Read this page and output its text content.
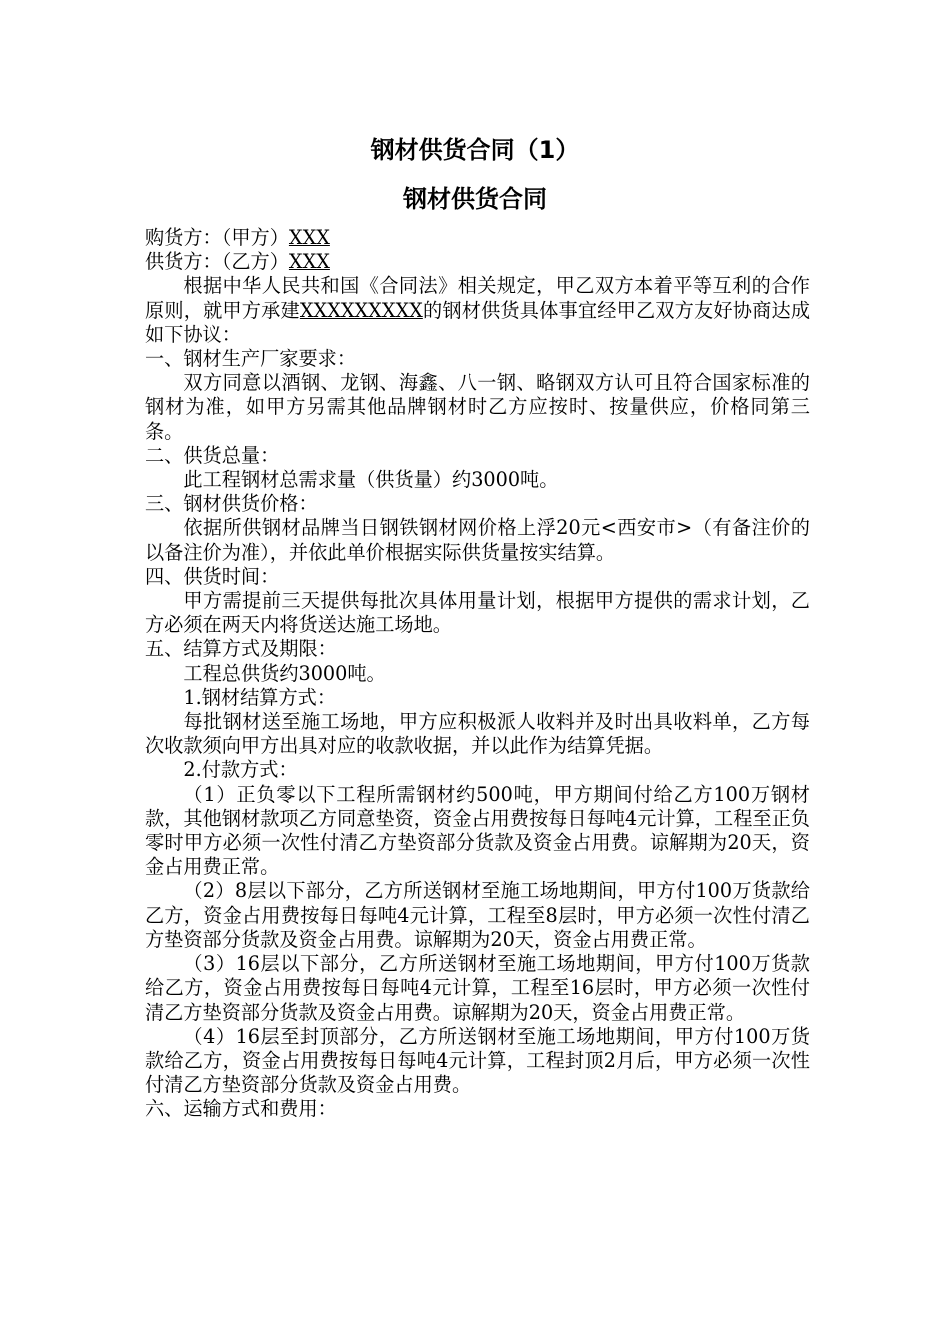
钢材供货合同（1）
钢材供货合同

购货方：（甲方）XXX

供货方：（乙方）XXX

根据中华人民共和国《合同法》相关规定，甲乙双方本着平等互利的合作原则，就甲方承建XXXXXXXXX的钢材供货具体事宜经甲乙双方友好协商达成如下协议：

一、钢材生产厂家要求：

双方同意以酒钢、龙钢、海鑫、八一钢、略钢双方认可且符合国家标准的钢材为准，如甲方另需其他品牌钢材时乙方应按时、按量供应，价格同第三条。

二、供货总量：

此工程钢材总需求量（供货量）约3000吨。

三、钢材供货价格：

依据所供钢材品牌当日钢铁钢材网价格上浮20元<西安市>（有备注价的以备注价为准），并依此单价根据实际供货量按实结算。

四、供货时间：

甲方需提前三天提供每批次具体用量计划，根据甲方提供的需求计划，乙方必须在两天内将货送达施工场地。

五、结算方式及期限：

工程总供货约3000吨。

1.钢材结算方式：

每批钢材送至施工场地，甲方应积极派人收料并及时出具收料单，乙方每次收款须向甲方出具对应的收款收据，并以此作为结算凭据。

2.付款方式：

（1）正负零以下工程所需钢材约500吨，甲方期间付给乙方100万钢材款，其他钢材款项乙方同意垫资，资金占用费按每日每吨4元计算，工程至正负零时甲方必须一次性付清乙方垫资部分货款及资金占用费。谅解期为20天，资金占用费正常。

（2）8层以下部分，乙方所送钢材至施工场地期间，甲方付100万货款给乙方，资金占用费按每日每吨4元计算，工程至8层时，甲方必须一次性付清乙方垫资部分货款及资金占用费。谅解期为20天，资金占用费正常。

（3）16层以下部分，乙方所送钢材至施工场地期间，甲方付100万货款给乙方，资金占用费按每日每吨4元计算，工程至16层时，甲方必须一次性付清乙方垫资部分货款及资金占用费。谅解期为20天，资金占用费正常。

（4）16层至封顶部分，乙方所送钢材至施工场地期间，甲方付100万货款给乙方，资金占用费按每日每吨4元计算，工程封顶2月后，甲方必须一次性付清乙方垫资部分货款及资金占用费。

六、运输方式和费用：
